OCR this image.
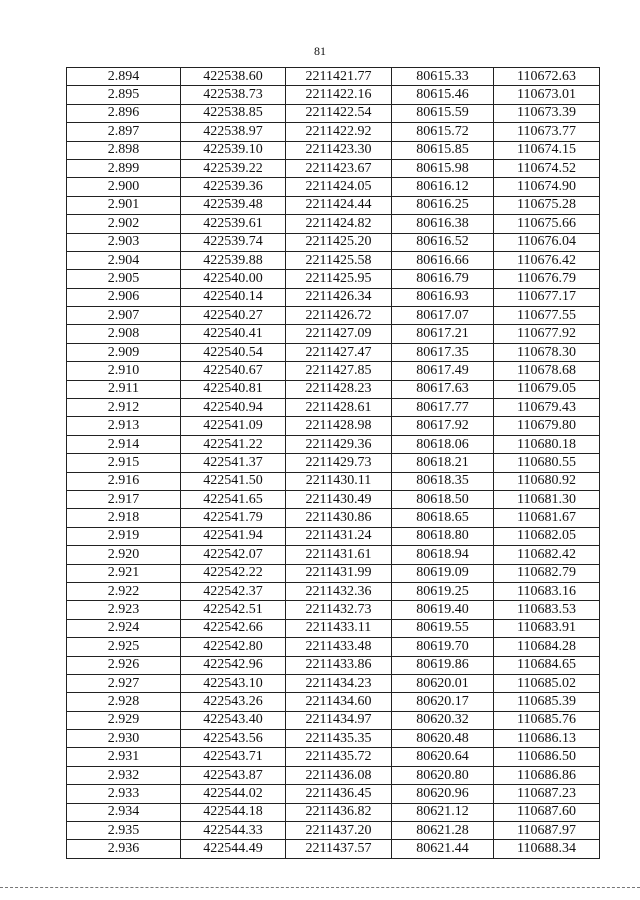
81
2.894	422538.60	2211421.77	80615.33	110672.63
2.895	422538.73	2211422.16	80615.46	110673.01
2.896	422538.85	2211422.54	80615.59	110673.39
2.897	422538.97	2211422.92	80615.72	110673.77
2.898	422539.10	2211423.30	80615.85	110674.15
2.899	422539.22	2211423.67	80615.98	110674.52
2.900	422539.36	2211424.05	80616.12	110674.90
2.901	422539.48	2211424.44	80616.25	110675.28
2.902	422539.61	2211424.82	80616.38	110675.66
2.903	422539.74	2211425.20	80616.52	110676.04
2.904	422539.88	2211425.58	80616.66	110676.42
2.905	422540.00	2211425.95	80616.79	110676.79
2.906	422540.14	2211426.34	80616.93	110677.17
2.907	422540.27	2211426.72	80617.07	110677.55
2.908	422540.41	2211427.09	80617.21	110677.92
2.909	422540.54	2211427.47	80617.35	110678.30
2.910	422540.67	2211427.85	80617.49	110678.68
2.911	422540.81	2211428.23	80617.63	110679.05
2.912	422540.94	2211428.61	80617.77	110679.43
2.913	422541.09	2211428.98	80617.92	110679.80
2.914	422541.22	2211429.36	80618.06	110680.18
2.915	422541.37	2211429.73	80618.21	110680.55
2.916	422541.50	2211430.11	80618.35	110680.92
2.917	422541.65	2211430.49	80618.50	110681.30
2.918	422541.79	2211430.86	80618.65	110681.67
2.919	422541.94	2211431.24	80618.80	110682.05
2.920	422542.07	2211431.61	80618.94	110682.42
2.921	422542.22	2211431.99	80619.09	110682.79
2.922	422542.37	2211432.36	80619.25	110683.16
2.923	422542.51	2211432.73	80619.40	110683.53
2.924	422542.66	2211433.11	80619.55	110683.91
2.925	422542.80	2211433.48	80619.70	110684.28
2.926	422542.96	2211433.86	80619.86	110684.65
2.927	422543.10	2211434.23	80620.01	110685.02
2.928	422543.26	2211434.60	80620.17	110685.39
2.929	422543.40	2211434.97	80620.32	110685.76
2.930	422543.56	2211435.35	80620.48	110686.13
2.931	422543.71	2211435.72	80620.64	110686.50
2.932	422543.87	2211436.08	80620.80	110686.86
2.933	422544.02	2211436.45	80620.96	110687.23
2.934	422544.18	2211436.82	80621.12	110687.60
2.935	422544.33	2211437.20	80621.28	110687.97
2.936	422544.49	2211437.57	80621.44	110688.34
